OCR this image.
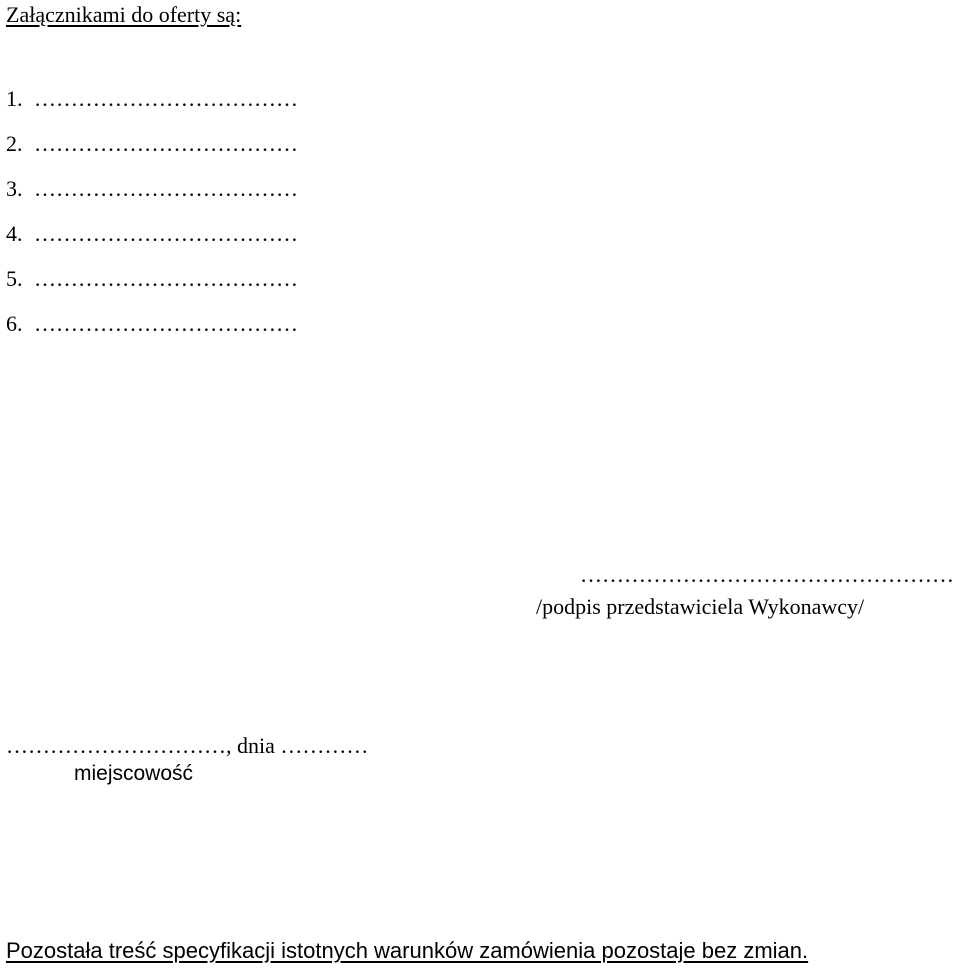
Załącznikami do oferty są:
1. ………………………………
2. ………………………………
3. ………………………………
4. ………………………………
5. ………………………………
6. ………………………………
……………………………………………
/podpis przedstawiciela Wykonawcy/
…………………………, dnia …………
miejscowość
Pozostała treść specyfikacji istotnych warunków zamówienia pozostaje bez zmian.
